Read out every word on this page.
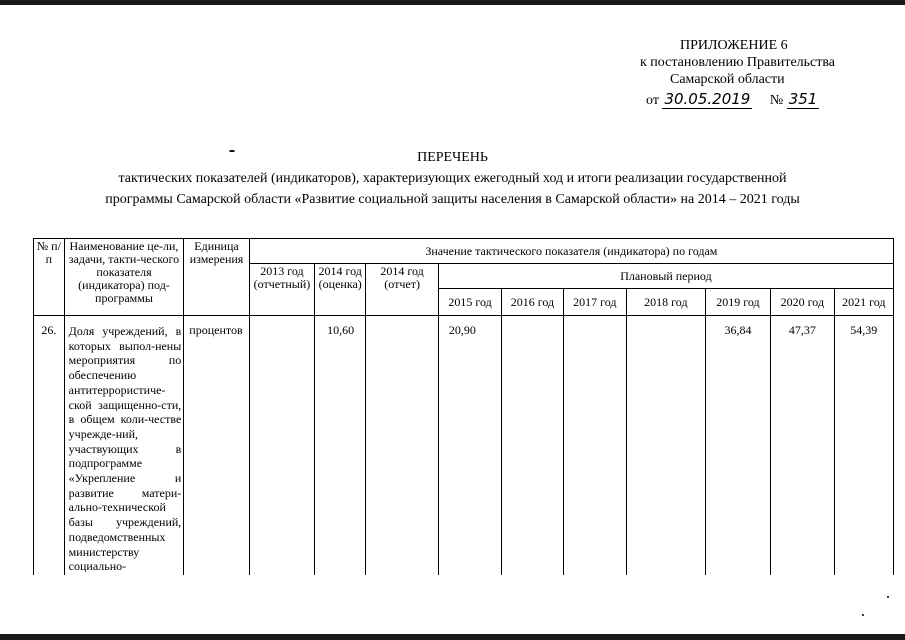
ПРИЛОЖЕНИЕ 6
к постановлению Правительства
Самарской области
от 30.05.2019 № 351
ПЕРЕЧЕНЬ
тактических показателей (индикаторов), характеризующих ежегодный ход и итоги реализации государственной
программы Самарской области «Развитие социальной защиты населения в Самарской области» на 2014 – 2021 годы
№ п/п	Наименование це-ли, задачи, такти-ческого показателя (индикатора) под-программы	Единица измерения	Значение тактического показателя (индикатора) по годам									
			2013 год (отчетный)	2014 год (оценка)	2014 год (отчет)	Плановый период						
						2015 год	2016 год	2017 год	2018 год	2019 год	2020 год	2021 год
26.	Доля учреждений, в которых выпол-нены мероприятия по обеспечению антитеррористиче-ской защищенно-сти, в общем коли-честве учрежде-ний, участвующих в подпрограмме «Укрепление и развитие матери-ально-технической базы учреждений, подведомственных министерству социально-	процентов		10,60		20,90				36,84	47,37	54,39
